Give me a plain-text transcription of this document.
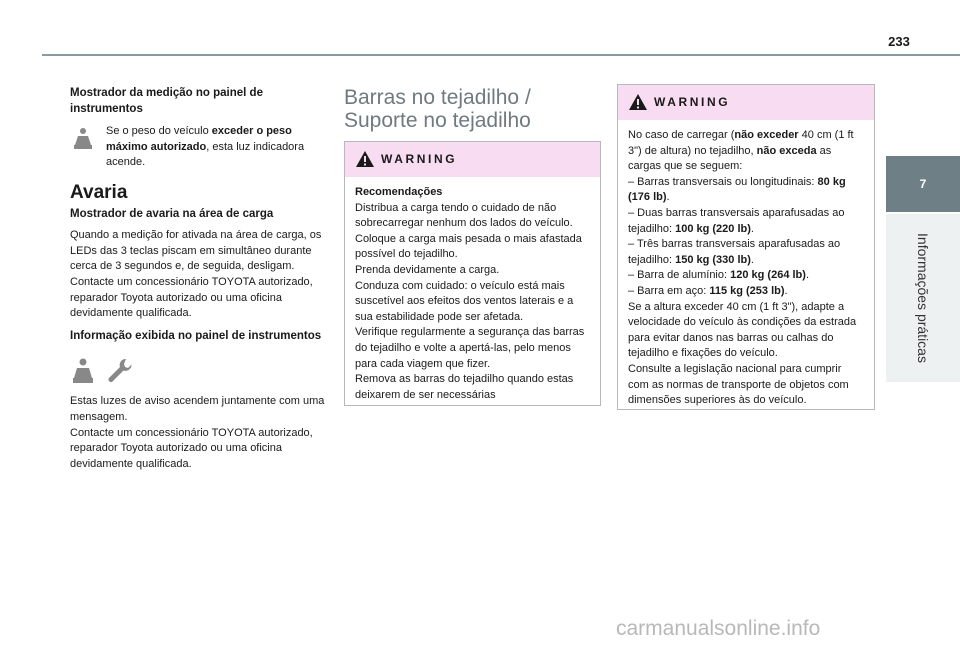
233
7
Informações práticas

Mostrador da medição no painel de instrumentos

Se o peso do veículo exceder o peso máximo autorizado, esta luz indicadora acende.

Avaria

Mostrador de avaria na área de carga

Quando a medição for ativada na área de carga, os LEDs das 3 teclas piscam em simultâneo durante cerca de 3 segundos e, de seguida, desligam.

Contacte um concessionário TOYOTA autorizado, reparador Toyota autorizado ou uma oficina devidamente qualificada.

Informação exibida no painel de instrumentos

Estas luzes de aviso acendem juntamente com uma mensagem.

Contacte um concessionário TOYOTA autorizado, reparador Toyota autorizado ou uma oficina devidamente qualificada.

Barras no tejadilho /

Suporte no tejadilho

WARNING

Recomendações

Distribua a carga tendo o cuidado de não sobrecarregar nenhum dos lados do veículo.

Coloque a carga mais pesada o mais afastada possível do tejadilho.

Prenda devidamente a carga.

Conduza com cuidado: o veículo está mais suscetível aos efeitos dos ventos laterais e a sua estabilidade pode ser afetada.

Verifique regularmente a segurança das barras do tejadilho e volte a apertá-las, pelo menos para cada viagem que fizer.

Remova as barras do tejadilho quando estas deixarem de ser necessárias

WARNING

No caso de carregar (não exceder 40 cm (1 ft 3") de altura) no tejadilho, não exceda as cargas que se seguem:

– Barras transversais ou longitudinais: 80 kg (176 lb).

– Duas barras transversais aparafusadas ao tejadilho: 100 kg (220 lb).

– Três barras transversais aparafusadas ao tejadilho: 150 kg (330 lb).

– Barra de alumínio: 120 kg (264 lb).

– Barra em aço: 115 kg (253 lb).

Se a altura exceder 40 cm (1 ft 3"), adapte a velocidade do veículo às condições da estrada para evitar danos nas barras ou calhas do tejadilho e fixações do veículo.

Consulte a legislação nacional para cumprir com as normas de transporte de objetos com dimensões superiores às do veículo.

carmanualsonline.info
